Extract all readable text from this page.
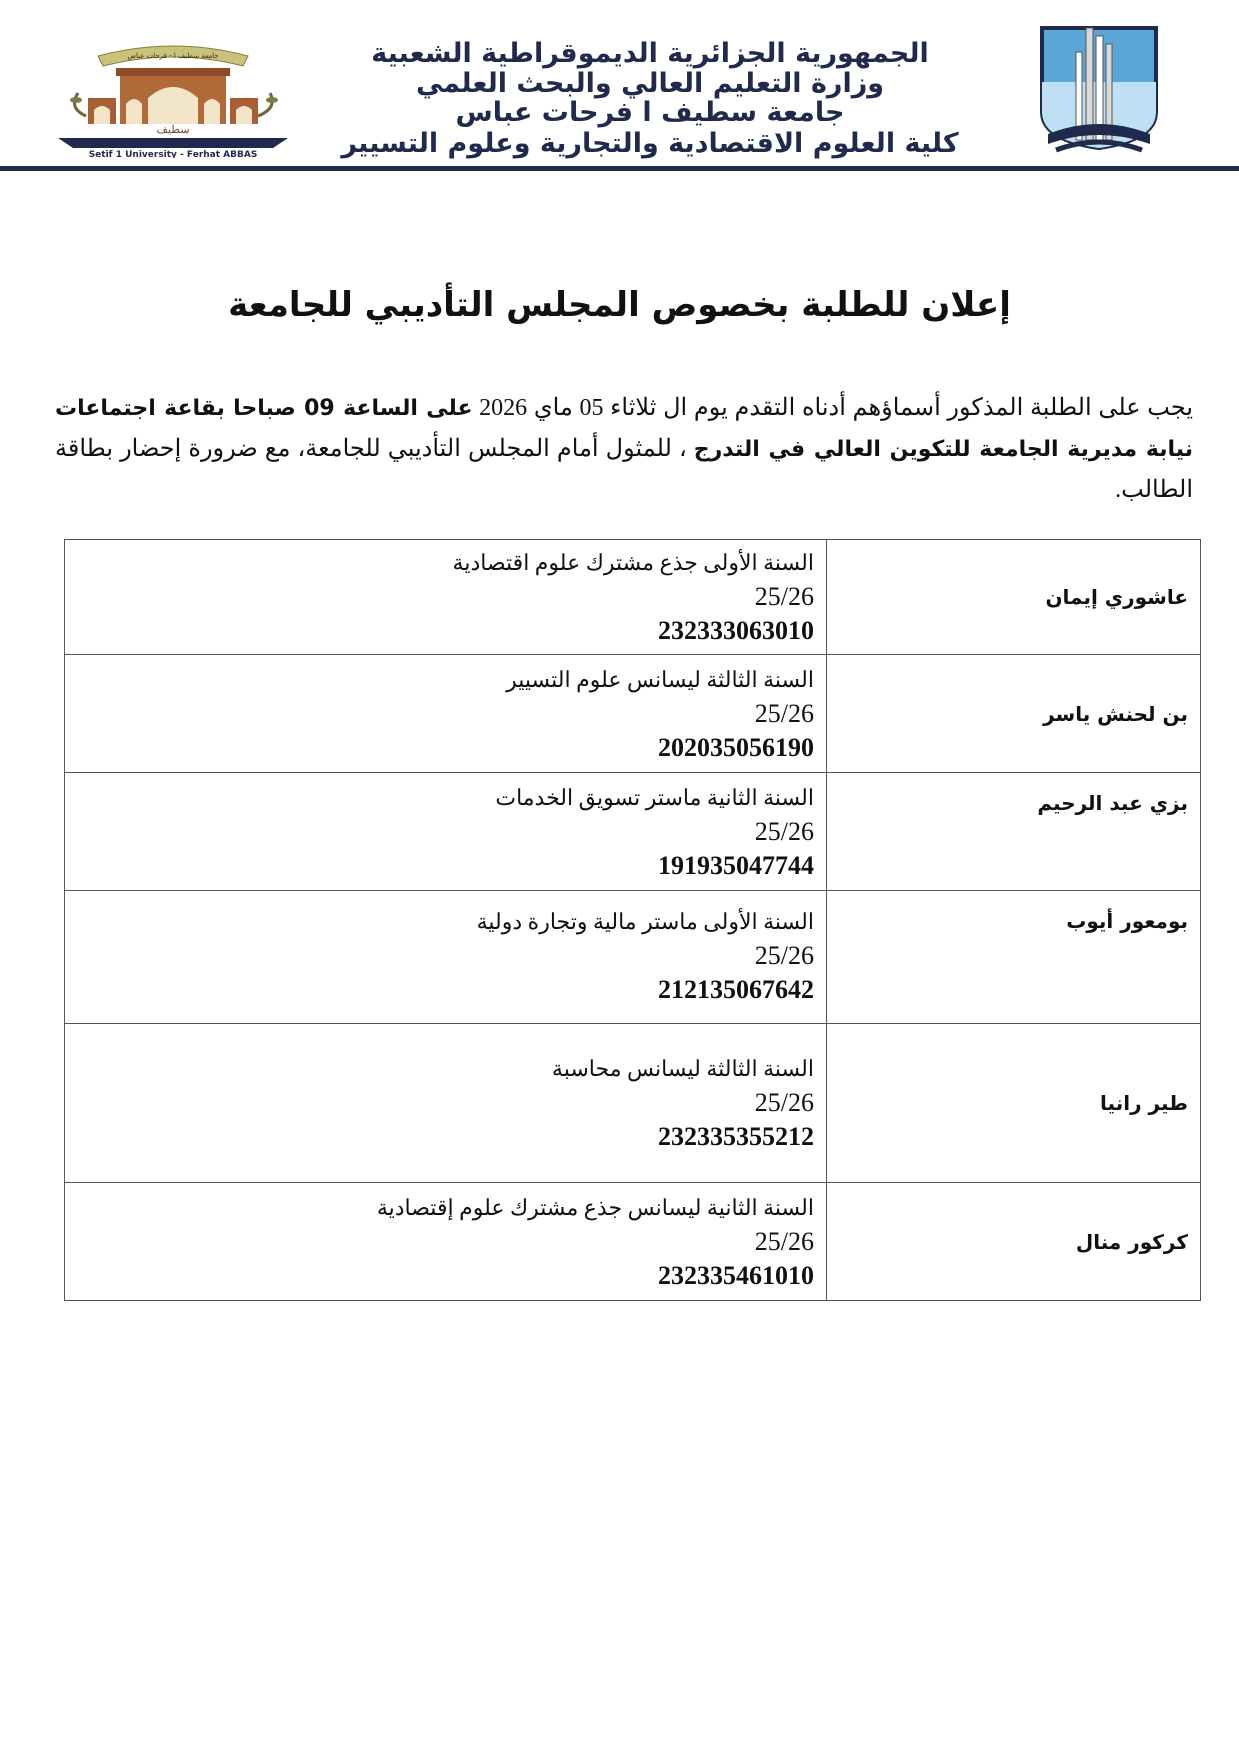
جامعة سطيف ا - فرحات عباس
سطيف
Setif 1 University - Ferhat ABBAS
الجمهورية الجزائرية الديموقراطية الشعبية
وزارة التعليم العالي والبحث العلمي
جامعة سطيف ا فرحات عباس
كلية العلوم الاقتصادية والتجارية وعلوم التسيير
إعلان للطلبة بخصوص المجلس التأديبي للجامعة
يجب على الطلبة المذكور أسماؤهم أدناه التقدم يوم ال ثلاثاء 05 ماي 2026 على الساعة 09 صباحا بقاعة اجتماعات نيابة مديرية الجامعة للتكوين العالي في التدرج ، للمثول أمام المجلس التأديبي للجامعة، مع ضرورة إحضار بطاقة الطالب.
عاشوري إيمان	السنة الأولى جذع مشترك علوم اقتصادية
25/26
232333063010

بن لحنش ياسر	السنة الثالثة ليسانس علوم التسيير
25/26
202035056190

بزي عبد الرحيم	السنة الثانية ماستر تسويق الخدمات
25/26
191935047744

بومعور أيوب	السنة الأولى ماستر مالية وتجارة دولية
25/26
212135067642

طير رانيا	السنة الثالثة ليسانس محاسبة
25/26
232335355212

كركور منال	السنة الثانية ليسانس جذع مشترك علوم إقتصادية
25/26
232335461010
